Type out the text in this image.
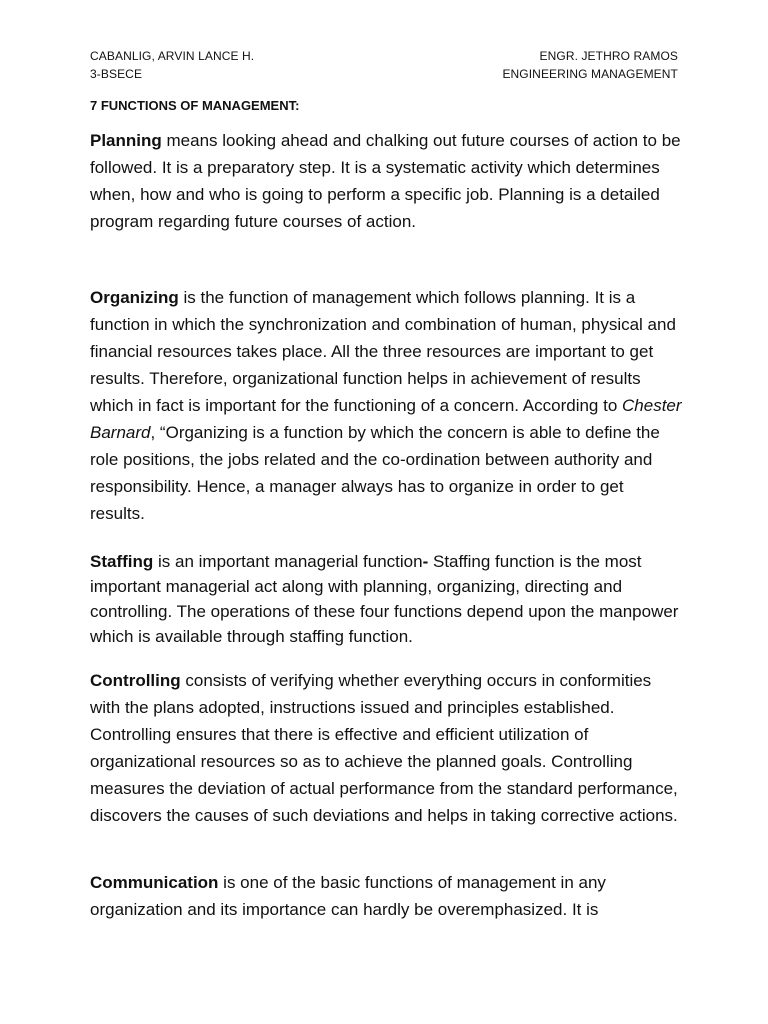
CABANLIG, ARVIN LANCE H.
3-BSECE
ENGR. JETHRO RAMOS
ENGINEERING MANAGEMENT
7 FUNCTIONS OF MANAGEMENT:

Planning means looking ahead and chalking out future courses of action to be followed. It is a preparatory step. It is a systematic activity which determines when, how and who is going to perform a specific job. Planning is a detailed program regarding future courses of action.

Organizing is the function of management which follows planning. It is a function in which the synchronization and combination of human, physical and financial resources takes place. All the three resources are important to get results. Therefore, organizational function helps in achievement of results which in fact is important for the functioning of a concern. According to Chester Barnard, “Organizing is a function by which the concern is able to define the role positions, the jobs related and the co-ordination between authority and responsibility. Hence, a manager always has to organize in order to get results.

Staffing is an important managerial function- Staffing function is the most important managerial act along with planning, organizing, directing and controlling. The operations of these four functions depend upon the manpower which is available through staffing function.

Controlling consists of verifying whether everything occurs in conformities with the plans adopted, instructions issued and principles established. Controlling ensures that there is effective and efficient utilization of organizational resources so as to achieve the planned goals. Controlling measures the deviation of actual performance from the standard performance, discovers the causes of such deviations and helps in taking corrective actions.

Communication is one of the basic functions of management in any organization and its importance can hardly be overemphasized. It is
